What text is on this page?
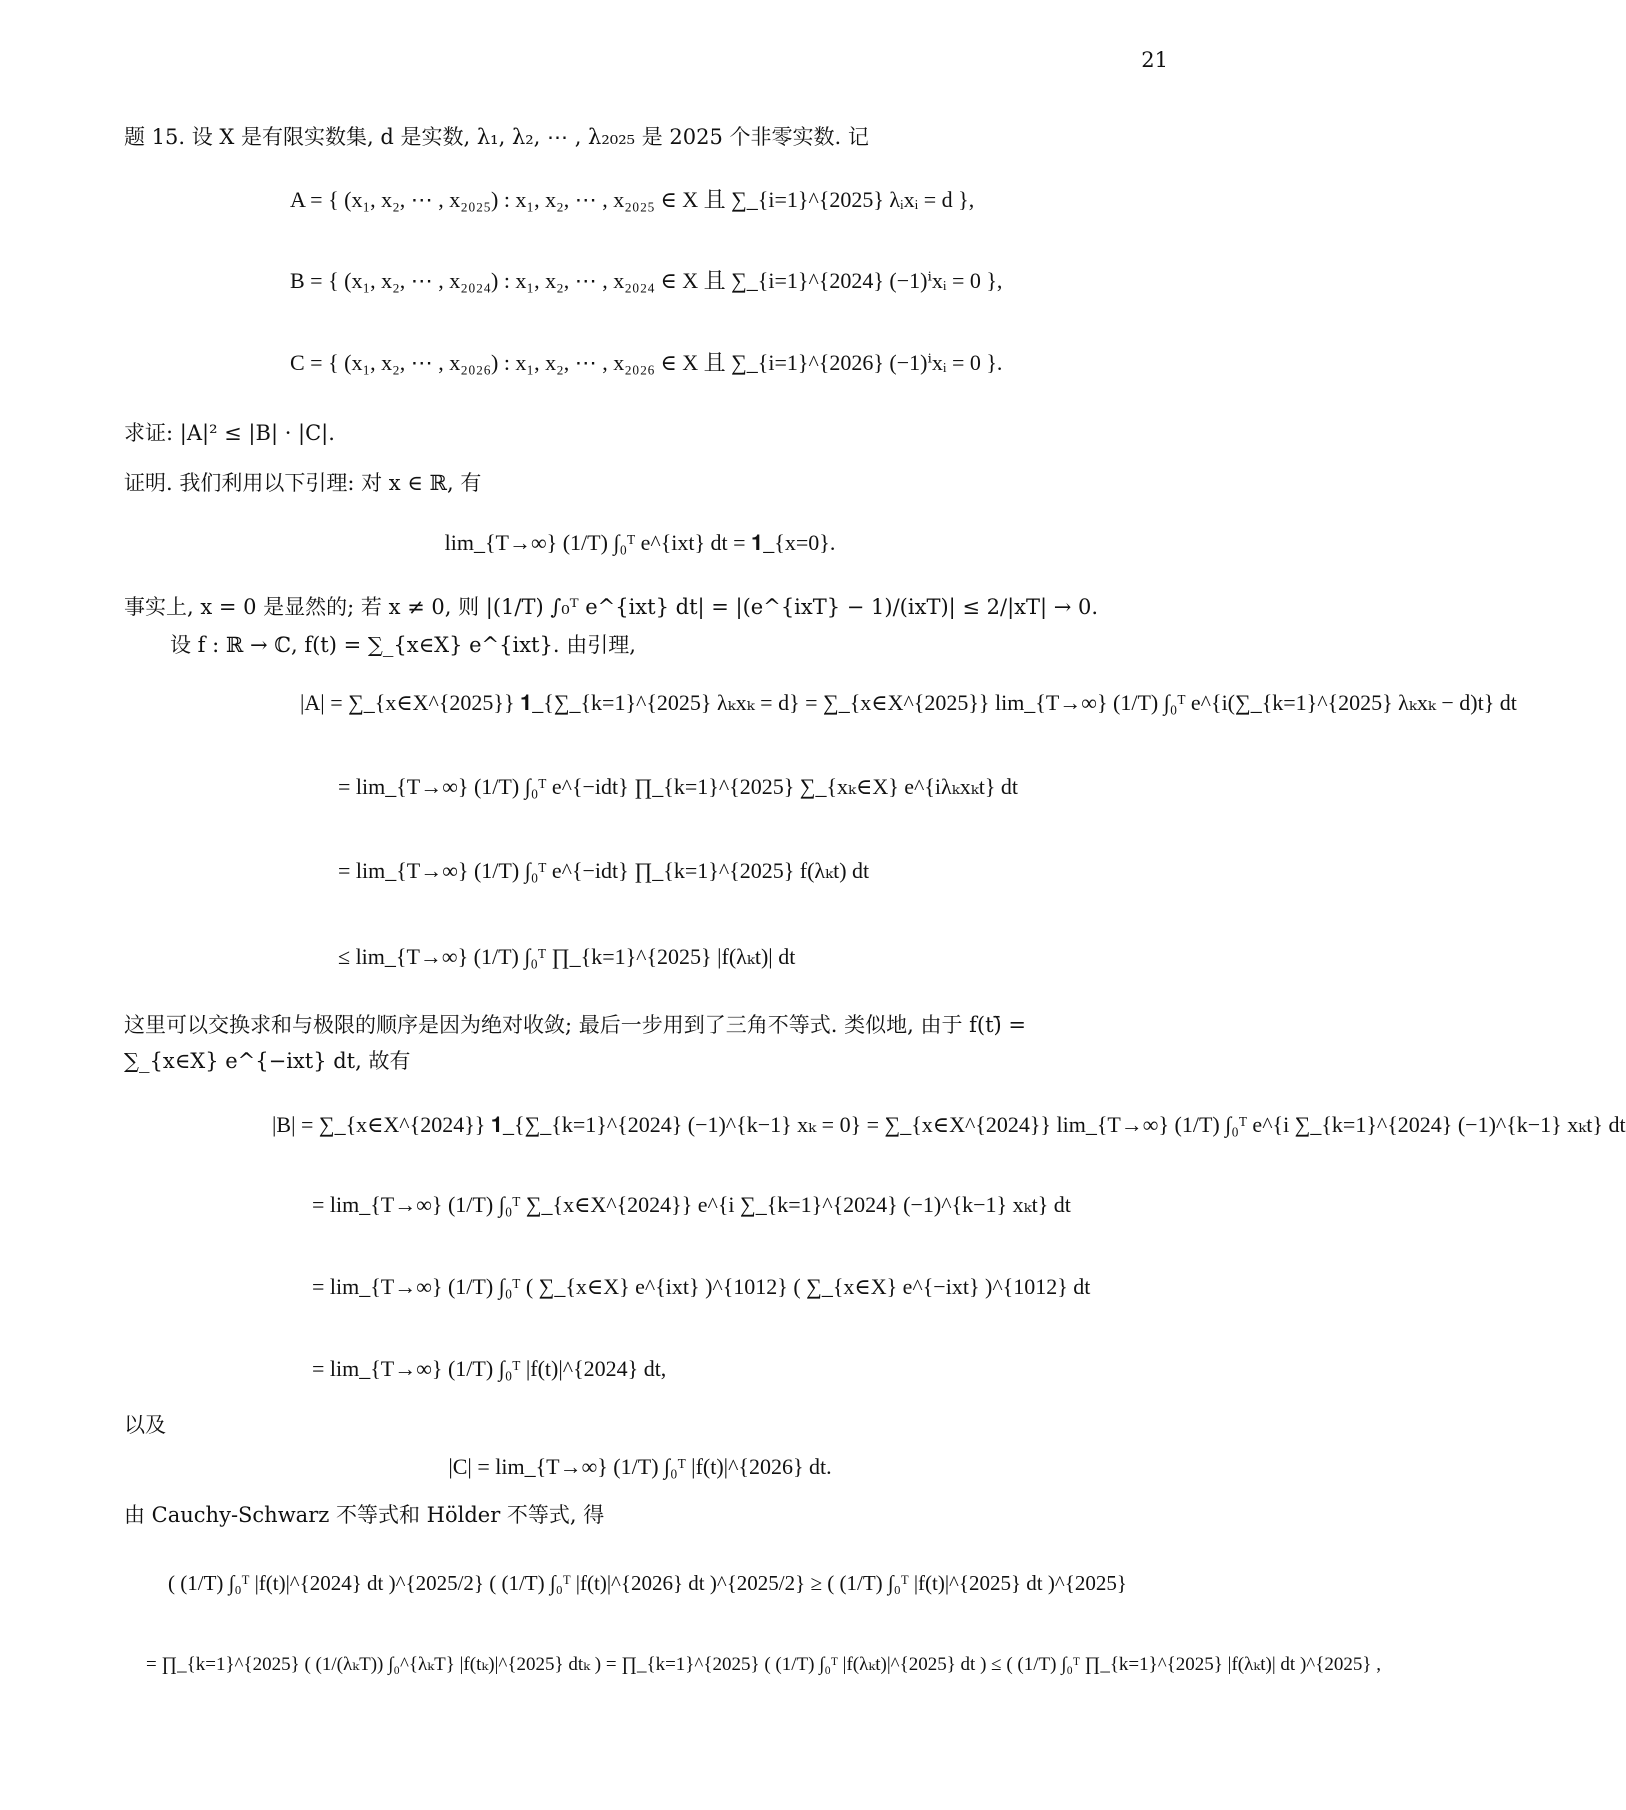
21
题 15. 设 X 是有限实数集, d 是实数, λ₁, λ₂, ⋯ , λ₂₀₂₅ 是 2025 个非零实数. 记
A = { (x₁, x₂, ⋯ , x₂₀₂₅) : x₁, x₂, ⋯ , x₂₀₂₅ ∈ X 且 ∑_{i=1}^{2025} λᵢxᵢ = d },
B = { (x₁, x₂, ⋯ , x₂₀₂₄) : x₁, x₂, ⋯ , x₂₀₂₄ ∈ X 且 ∑_{i=1}^{2024} (−1)ⁱxᵢ = 0 },
C = { (x₁, x₂, ⋯ , x₂₀₂₆) : x₁, x₂, ⋯ , x₂₀₂₆ ∈ X 且 ∑_{i=1}^{2026} (−1)ⁱxᵢ = 0 }.
求证: |A|² ≤ |B| · |C|.
证明. 我们利用以下引理: 对 x ∈ ℝ, 有
lim_{T→∞} (1/T) ∫₀ᵀ e^{ixt} dt = 𝟏_{x=0}.
事实上, x = 0 是显然的; 若 x ≠ 0, 则 |(1/T) ∫₀ᵀ e^{ixt} dt| = |(e^{ixT} − 1)/(ixT)| ≤ 2/|xT| → 0.
设 f : ℝ → ℂ, f(t) = ∑_{x∈X} e^{ixt}. 由引理,
|A| = ∑_{x∈X^{2025}} 𝟏_{∑_{k=1}^{2025} λₖxₖ = d} = ∑_{x∈X^{2025}} lim_{T→∞} (1/T) ∫₀ᵀ e^{i(∑_{k=1}^{2025} λₖxₖ − d)t} dt
= lim_{T→∞} (1/T) ∫₀ᵀ e^{−idt} ∏_{k=1}^{2025} ∑_{xₖ∈X} e^{iλₖxₖt} dt
= lim_{T→∞} (1/T) ∫₀ᵀ e^{−idt} ∏_{k=1}^{2025} f(λₖt) dt
≤ lim_{T→∞} (1/T) ∫₀ᵀ ∏_{k=1}^{2025} |f(λₖt)| dt
这里可以交换求和与极限的顺序是因为绝对收敛; 最后一步用到了三角不等式. 类似地, 由于 f(t)̄ =
∑_{x∈X} e^{−ixt} dt, 故有
|B| = ∑_{x∈X^{2024}} 𝟏_{∑_{k=1}^{2024} (−1)^{k−1} xₖ = 0} = ∑_{x∈X^{2024}} lim_{T→∞} (1/T) ∫₀ᵀ e^{i ∑_{k=1}^{2024} (−1)^{k−1} xₖt} dt
= lim_{T→∞} (1/T) ∫₀ᵀ ∑_{x∈X^{2024}} e^{i ∑_{k=1}^{2024} (−1)^{k−1} xₖt} dt
= lim_{T→∞} (1/T) ∫₀ᵀ ( ∑_{x∈X} e^{ixt} )^{1012} ( ∑_{x∈X} e^{−ixt} )^{1012} dt
= lim_{T→∞} (1/T) ∫₀ᵀ |f(t)|^{2024} dt,
以及
|C| = lim_{T→∞} (1/T) ∫₀ᵀ |f(t)|^{2026} dt.
由 Cauchy-Schwarz 不等式和 Hölder 不等式, 得
( (1/T) ∫₀ᵀ |f(t)|^{2024} dt )^{2025/2} ( (1/T) ∫₀ᵀ |f(t)|^{2026} dt )^{2025/2} ≥ ( (1/T) ∫₀ᵀ |f(t)|^{2025} dt )^{2025}
= ∏_{k=1}^{2025} ( (1/(λₖT)) ∫₀^{λₖT} |f(tₖ)|^{2025} dtₖ ) = ∏_{k=1}^{2025} ( (1/T) ∫₀ᵀ |f(λₖt)|^{2025} dt ) ≤ ( (1/T) ∫₀ᵀ ∏_{k=1}^{2025} |f(λₖt)| dt )^{2025} ,
